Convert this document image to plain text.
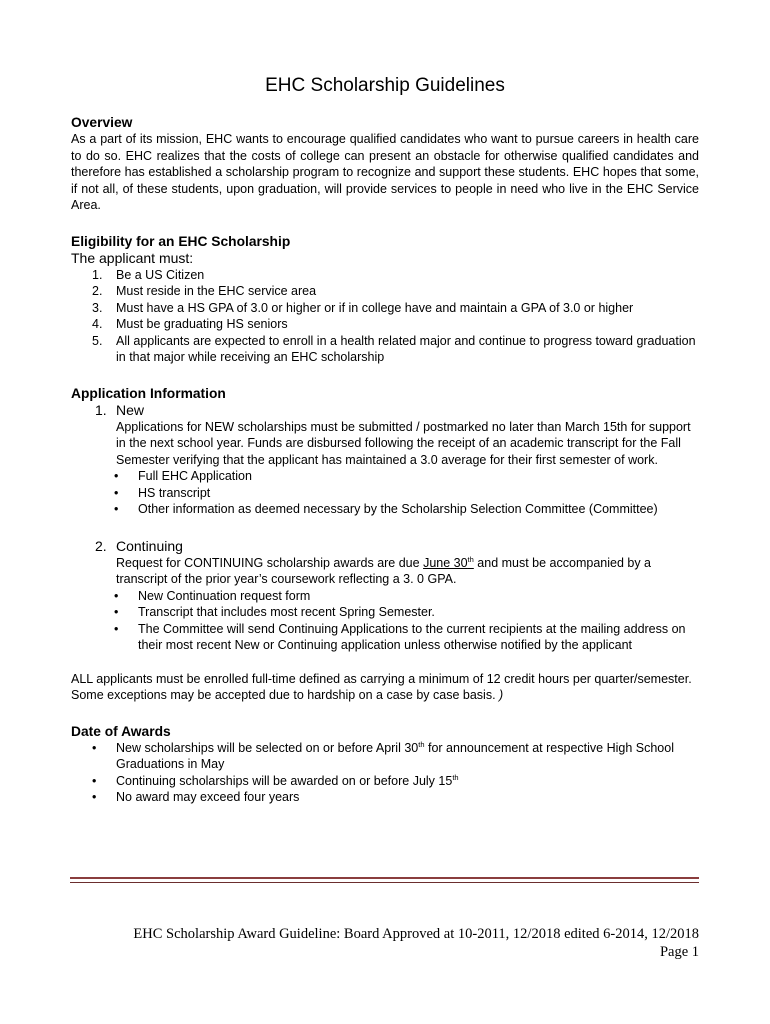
EHC Scholarship Guidelines
Overview

As a part of its mission, EHC wants to encourage qualified candidates who want to pursue careers in health care to do so. EHC realizes that the costs of college can present an obstacle for otherwise qualified candidates and therefore has established a scholarship program to recognize and support these students. EHC hopes that some, if not all, of these students, upon graduation, will provide services to people in need who live in the EHC Service Area.

Eligibility for an EHC Scholarship

The applicant must:

1. Be a US Citizen
2. Must reside in the EHC service area
3. Must have a HS GPA of 3.0 or higher or if in college have and maintain a GPA of 3.0 or higher
4. Must be graduating HS seniors
5. All applicants are expected to enroll in a health related major and continue to progress toward graduation in that major while receiving an EHC scholarship
Application Information
1. New

Applications for NEW scholarships must be submitted / postmarked no later than March 15th for support in the next school year. Funds are disbursed following the receipt of an academic transcript for the Fall Semester verifying that the applicant has maintained a 3.0 average for their first semester of work.

• Full EHC Application
• HS transcript
• Other information as deemed necessary by the Scholarship Selection Committee (Committee)
2. Continuing

Request for CONTINUING scholarship awards are due June 30th and must be accompanied by a transcript of the prior year’s coursework reflecting a 3. 0 GPA.

• New Continuation request form
• Transcript that includes most recent Spring Semester.
• The Committee will send Continuing Applications to the current recipients at the mailing address on their most recent New or Continuing application unless otherwise notified by the applicant

ALL applicants must be enrolled full-time defined as carrying a minimum of 12 credit hours per quarter/semester. Some exceptions may be accepted due to hardship on a case by case basis. )

Date of Awards
• New scholarships will be selected on or before April 30th for announcement at respective High School Graduations in May
• Continuing scholarships will be awarded on or before July 15th
• No award may exceed four years
EHC Scholarship Award Guideline: Board Approved at 10-2011, 12/2018 edited 6-2014, 12/2018
Page 1
